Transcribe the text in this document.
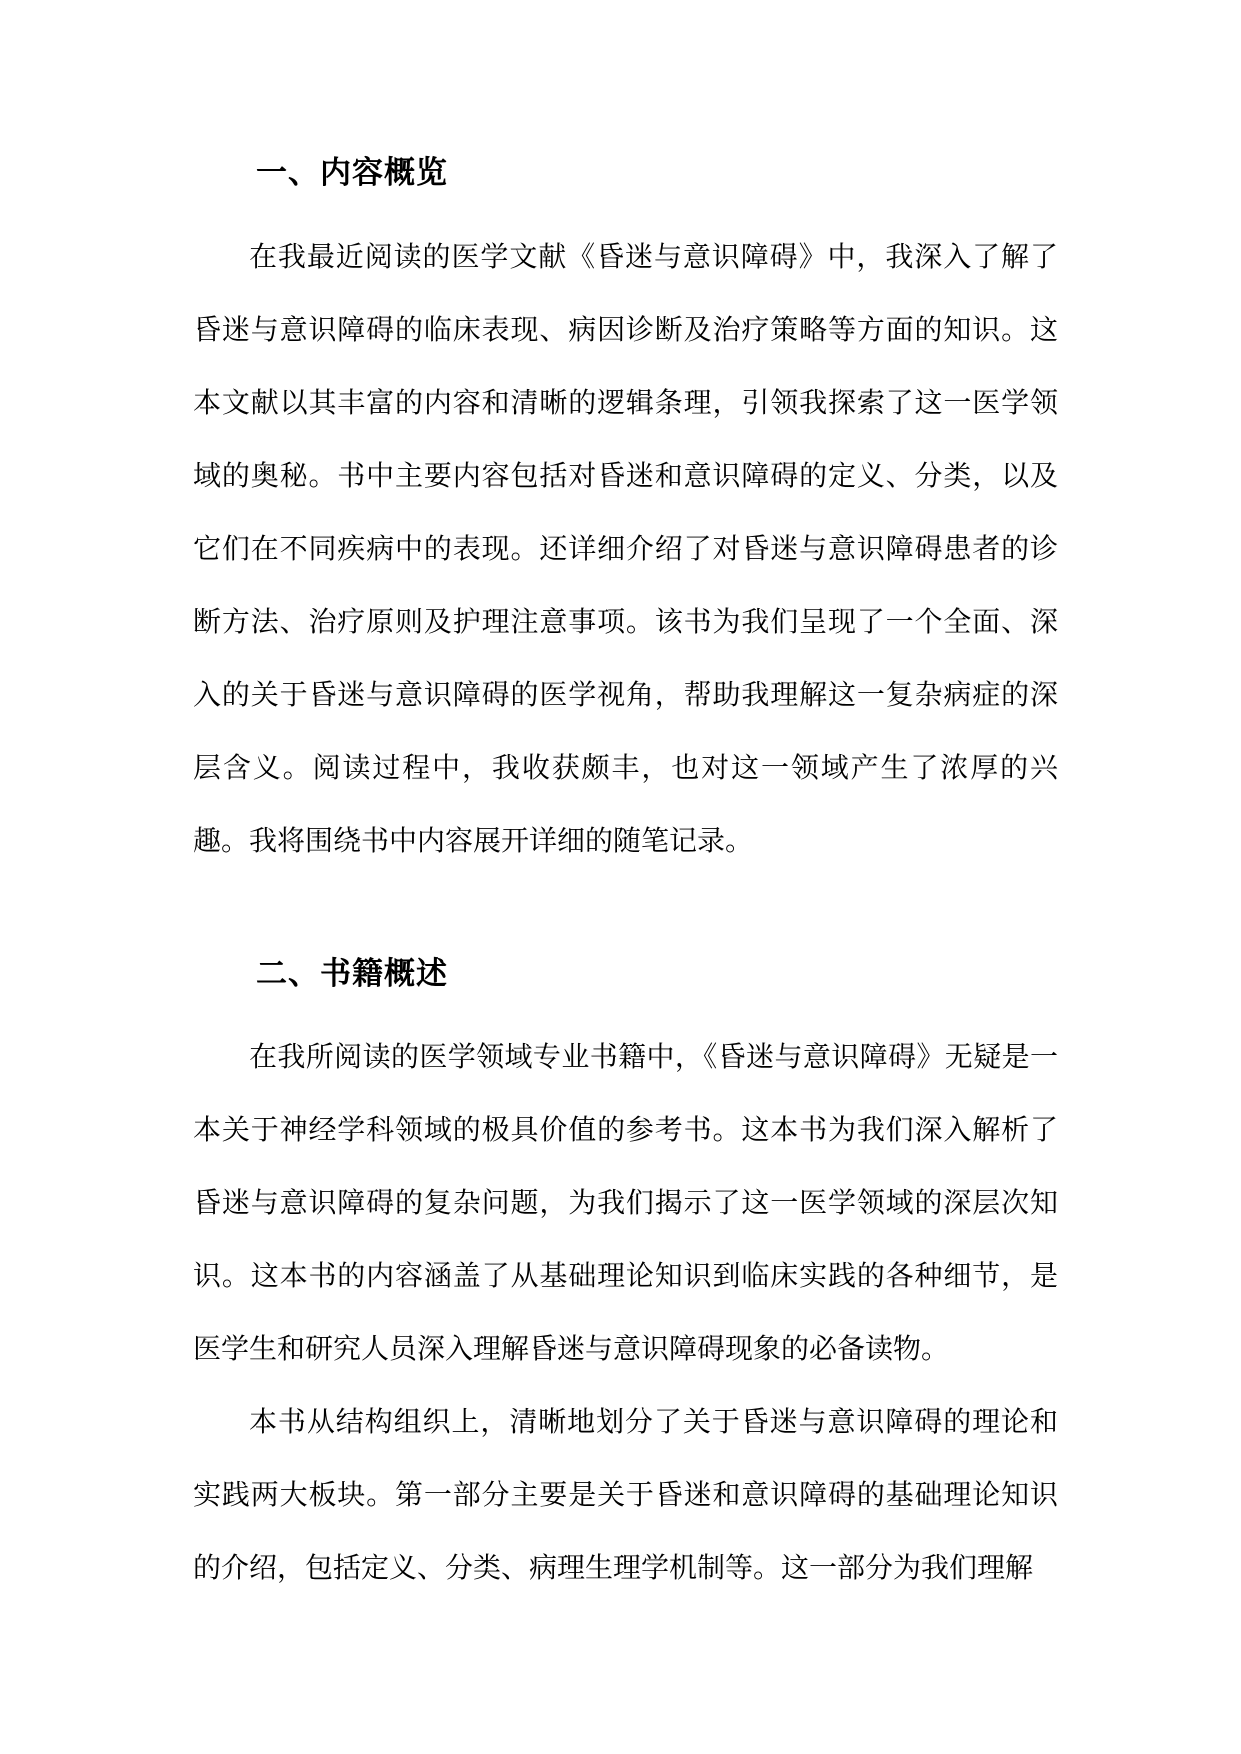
一、内容概览

在我最近阅读的医学文献《昏迷与意识障碍》中，我深入了解了昏迷与意识障碍的临床表现、病因诊断及治疗策略等方面的知识。这本文献以其丰富的内容和清晰的逻辑条理，引领我探索了这一医学领域的奥秘。书中主要内容包括对昏迷和意识障碍的定义、分类，以及它们在不同疾病中的表现。还详细介绍了对昏迷与意识障碍患者的诊断方法、治疗原则及护理注意事项。该书为我们呈现了一个全面、深入的关于昏迷与意识障碍的医学视角，帮助我理解这一复杂病症的深层含义。阅读过程中，我收获颇丰，也对这一领域产生了浓厚的兴趣。我将围绕书中内容展开详细的随笔记录。

二、书籍概述

在我所阅读的医学领域专业书籍中，《昏迷与意识障碍》无疑是一本关于神经学科领域的极具价值的参考书。这本书为我们深入解析了昏迷与意识障碍的复杂问题，为我们揭示了这一医学领域的深层次知识。这本书的内容涵盖了从基础理论知识到临床实践的各种细节，是医学生和研究人员深入理解昏迷与意识障碍现象的必备读物。

本书从结构组织上，清晰地划分了关于昏迷与意识障碍的理论和实践两大板块。第一部分主要是关于昏迷和意识障碍的基础理论知识的介绍，包括定义、分类、病理生理学机制等。这一部分为我们理解
